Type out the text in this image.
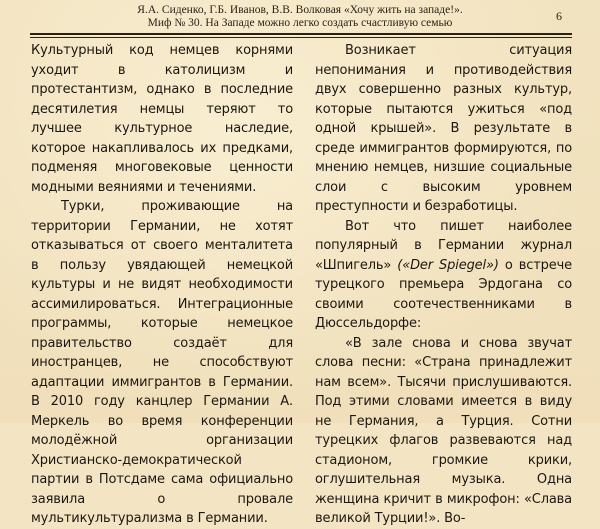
Я.А. Сиденко, Г.Б. Иванов, В.В. Волковая «Хочу жить на западе!».
Миф № 30. На Западе можно легко создать счастливую семью	6

Культурный код немцев корнями уходит в католицизм и протестантизм, однако в последние десятилетия немцы теряют то лучшее культурное наследие, которое накапливалось их предками, подменяя многовековые ценности модными веяниями и течениями.

Турки, проживающие на территории Германии, не хотят отказываться от своего менталитета в пользу увядающей немецкой культуры и не видят необходимости ассимилироваться. Интеграционные программы, которые немецкое правительство создаёт для иностранцев, не способствуют адаптации иммигрантов в Германии. В 2010 году канцлер Германии А. Меркель во время конференции молодёжной организации Христианско-демократической партии в Потсдаме сама официально заявила о провале мультикультурализма в Германии.

Возникает ситуация непонимания и противодействия двух совершенно разных культур, которые пытаются ужиться «под одной крышей». В результате в среде иммигрантов формируются, по мнению немцев, низшие социальные слои с высоким уровнем преступности и безработицы.

Вот что пишет наиболее популярный в Германии журнал «Шпигель» («Der Spiegel») о встрече турецкого премьера Эрдогана со своими соотечественниками в Дюссельдорфе:

«В зале снова и снова звучат слова песни: «Страна принадлежит нам всем». Тысячи прислушиваются. Под этими словами имеется в виду не Германия, а Турция. Сотни турецких флагов развеваются над стадионом, громкие крики, оглушительная музыка. Одна женщина кричит в микрофон: «Слава великой Турции!». Во-
